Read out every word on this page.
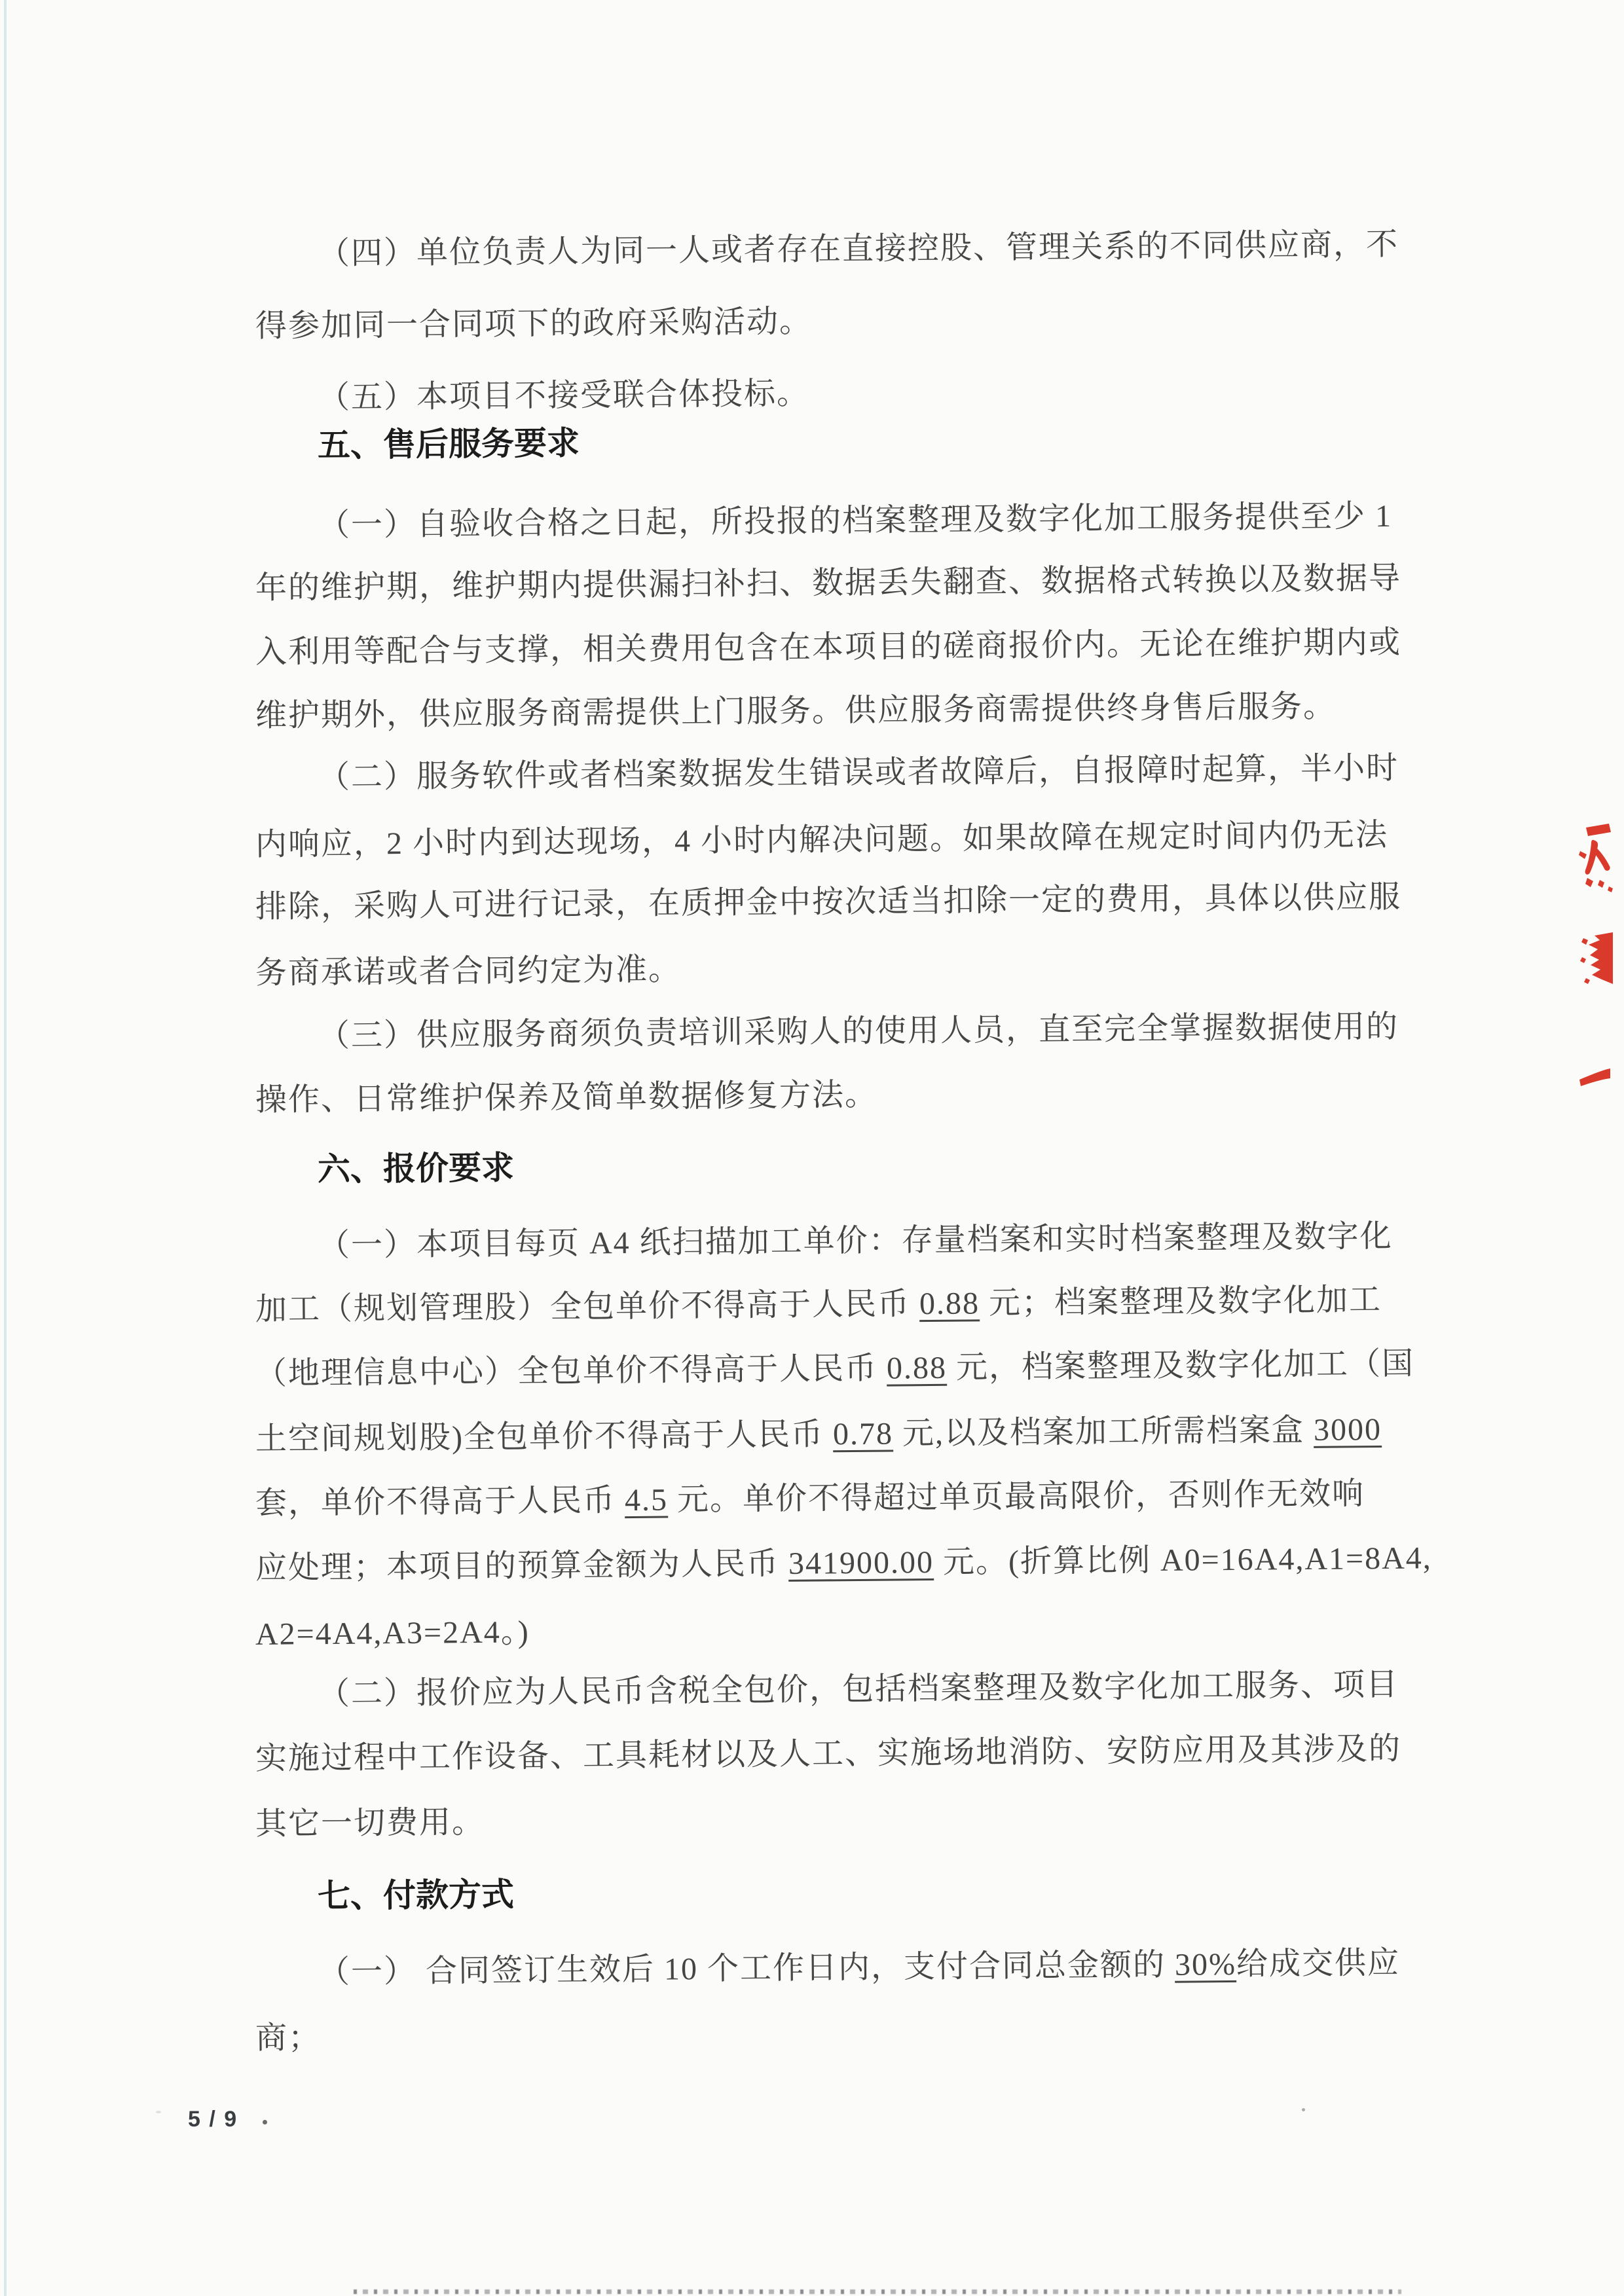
（四）单位负责人为同一人或者存在直接控股、管理关系的不同供应商，不
得参加同一合同项下的政府采购活动。
（五）本项目不接受联合体投标。
五、售后服务要求
（一）自验收合格之日起，所投报的档案整理及数字化加工服务提供至少 1
年的维护期，维护期内提供漏扫补扫、数据丢失翻查、数据格式转换以及数据导
入利用等配合与支撑，相关费用包含在本项目的磋商报价内。无论在维护期内或
维护期外，供应服务商需提供上门服务。供应服务商需提供终身售后服务。
（二）服务软件或者档案数据发生错误或者故障后，自报障时起算，半小时
内响应，2 小时内到达现场，4 小时内解决问题。如果故障在规定时间内仍无法
排除，采购人可进行记录，在质押金中按次适当扣除一定的费用，具体以供应服
务商承诺或者合同约定为准。
（三）供应服务商须负责培训采购人的使用人员，直至完全掌握数据使用的
操作、日常维护保养及简单数据修复方法。
六、报价要求
（一）本项目每页 A4 纸扫描加工单价：存量档案和实时档案整理及数字化
加工（规划管理股）全包单价不得高于人民币 0.88 元；档案整理及数字化加工
（地理信息中心）全包单价不得高于人民币 0.88 元，档案整理及数字化加工（国
土空间规划股)全包单价不得高于人民币 0.78 元,以及档案加工所需档案盒 3000
套，单价不得高于人民币 4.5 元。单价不得超过单页最高限价，否则作无效响
应处理；本项目的预算金额为人民币 341900.00 元。(折算比例 A0=16A4,A1=8A4,
A2=4A4,A3=2A4。)
（二）报价应为人民币含税全包价，包括档案整理及数字化加工服务、项目
实施过程中工作设备、工具耗材以及人工、实施场地消防、安防应用及其涉及的
其它一切费用。
七、付款方式
（一） 合同签订生效后 10 个工作日内，支付合同总金额的 30%给成交供应
商；
5 / 9
